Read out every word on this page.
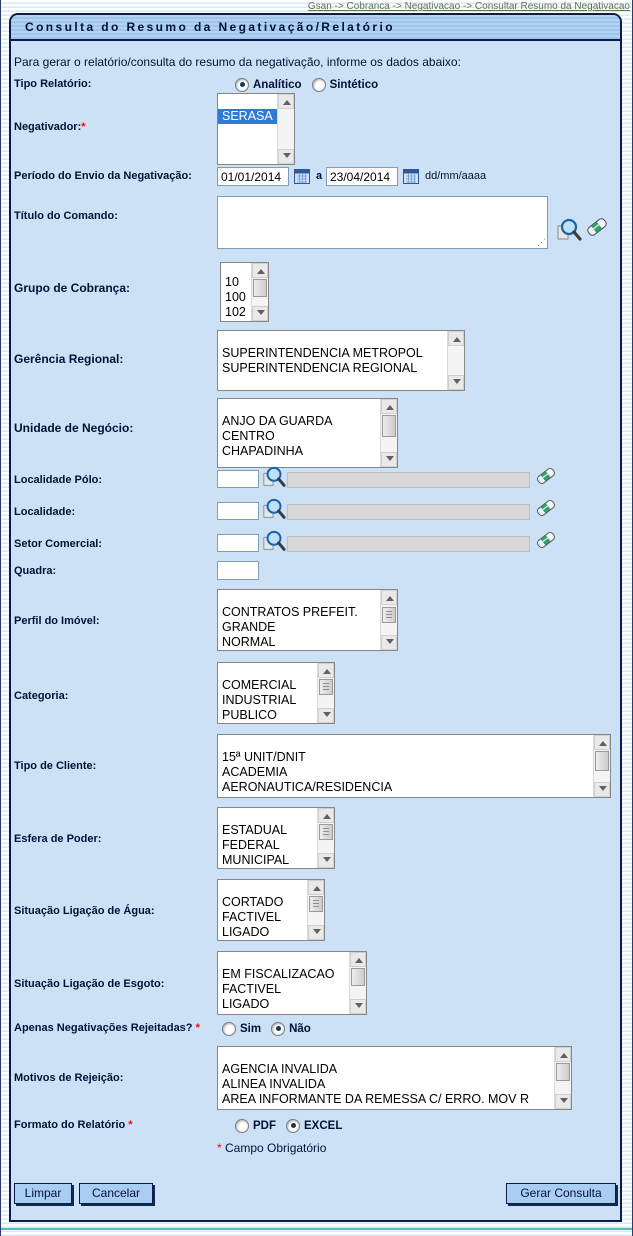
Gsan -> Cobranca -> Negativacao -> Consultar Resumo da Negativacao
Consulta do Resumo da Negativação/Relatório
Para gerar o relatório/consulta do resumo da negativação, informe os dados abaixo:
Tipo Relatório:	Analítico Sintético
Negativador:*
SERASA
Período do Envio da Negativação:
01/01/2014	a
23/04/2014	dd/mm/aaaa
Título do Comando:
⋰
Grupo de Cobrança:	10
100
102
Gerência Regional:	SUPERINTENDENCIA METROPOL
SUPERINTENDENCIA REGIONAL
Unidade de Negócio:	ANJO DA GUARDA
CENTRO
CHAPADINHA
Localidade Pólo:
Localidade:
Setor Comercial:
Quadra:
Perfil do Imóvel:
CONTRATOS PREFEIT.
GRANDE
NORMAL
Categoria:
COMERCIAL
INDUSTRIAL
PUBLICO
Tipo de Cliente:
15ª UNIT/DNIT
ACADEMIA
AERONAUTICA/RESIDENCIA
Esfera de Poder:
ESTADUAL
FEDERAL
MUNICIPAL
Situação Ligação de Água:
CORTADO
FACTIVEL
LIGADO
Situação Ligação de Esgoto:
EM FISCALIZACAO
FACTIVEL
LIGADO
Apenas Negativações Rejeitadas? *	Sim Não
Motivos de Rejeição:
AGENCIA INVALIDA
ALINEA INVALIDA
AREA INFORMANTE DA REMESSA C/ ERRO. MOV R
Formato do Relatório *	PDF EXCEL
* Campo Obrigatório
Limpar	Cancelar	Gerar Consulta
